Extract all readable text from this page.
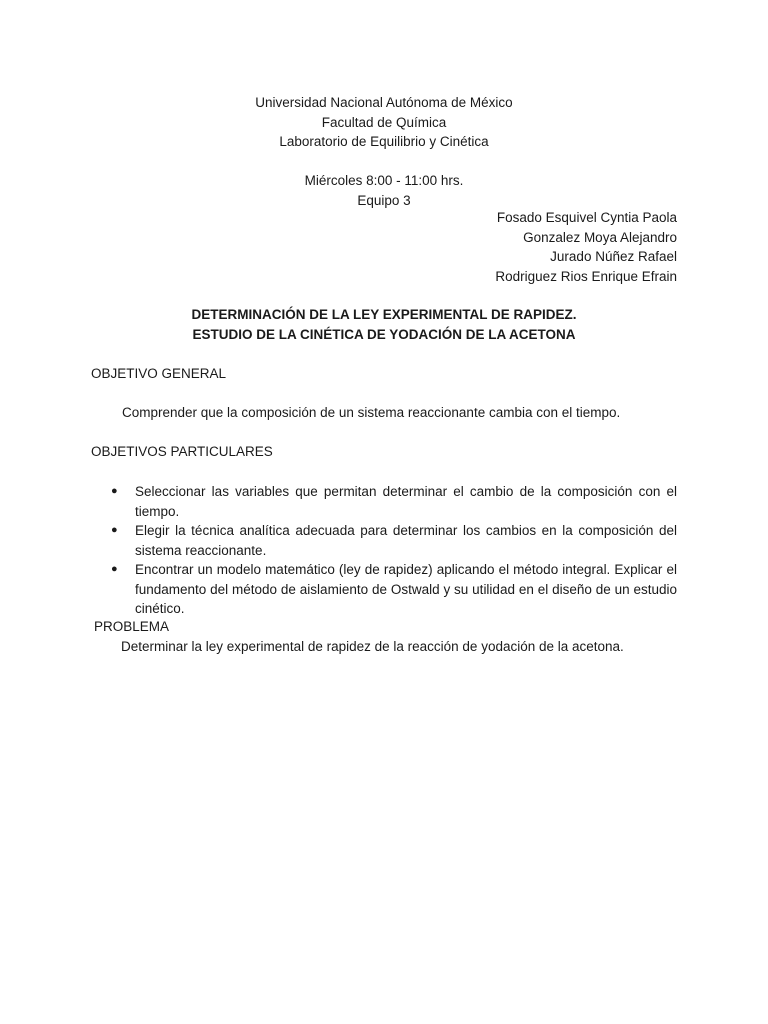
Universidad Nacional Autónoma de México
Facultad de Química
Laboratorio de Equilibrio y Cinética
Miércoles 8:00 - 11:00 hrs.
Equipo 3
Fosado Esquivel Cyntia Paola
Gonzalez Moya Alejandro
Jurado Núñez Rafael
Rodriguez Rios Enrique Efrain
DETERMINACIÓN DE LA LEY EXPERIMENTAL DE RAPIDEZ.
ESTUDIO DE LA CINÉTICA DE YODACIÓN DE LA ACETONA
OBJETIVO GENERAL
Comprender que la composición de un sistema reaccionante cambia con el tiempo.
OBJETIVOS PARTICULARES
● Seleccionar las variables que permitan determinar el cambio de la composición con el tiempo.
● Elegir la técnica analítica adecuada para determinar los cambios en la composición del sistema reaccionante.
● Encontrar un modelo matemático (ley de rapidez) aplicando el método integral. Explicar el fundamento del método de aislamiento de Ostwald y su utilidad en el diseño de un estudio cinético.
PROBLEMA
Determinar la ley experimental de rapidez de la reacción de yodación de la acetona.
